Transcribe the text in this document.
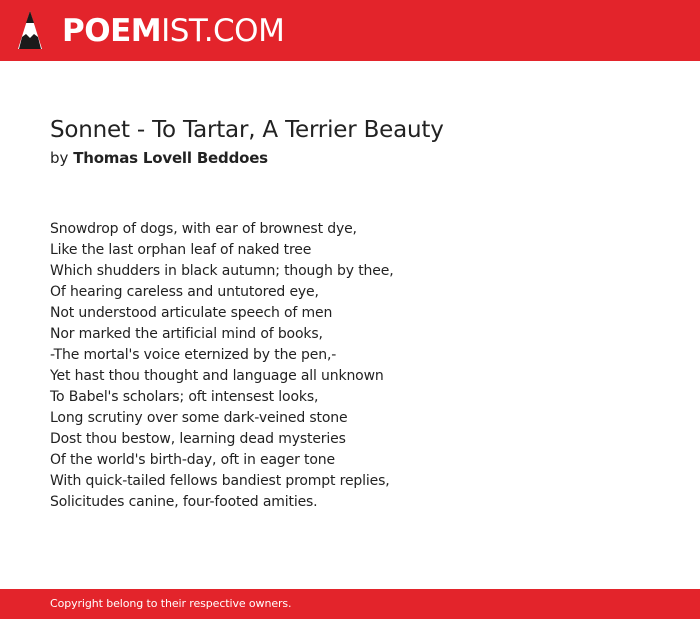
POEMIST.COM
Sonnet - To Tartar, A Terrier Beauty
by Thomas Lovell Beddoes
Snowdrop of dogs, with ear of brownest dye,
Like the last orphan leaf of naked tree
Which shudders in black autumn; though by thee,
Of hearing careless and untutored eye,
Not understood articulate speech of men
Nor marked the artificial mind of books,
-The mortal's voice eternized by the pen,-
Yet hast thou thought and language all unknown
To Babel's scholars; oft intensest looks,
Long scrutiny over some dark-veined stone
Dost thou bestow, learning dead mysteries
Of the world's birth-day, oft in eager tone
With quick-tailed fellows bandiest prompt replies,
Solicitudes canine, four-footed amities.
Copyright belong to their respective owners.
